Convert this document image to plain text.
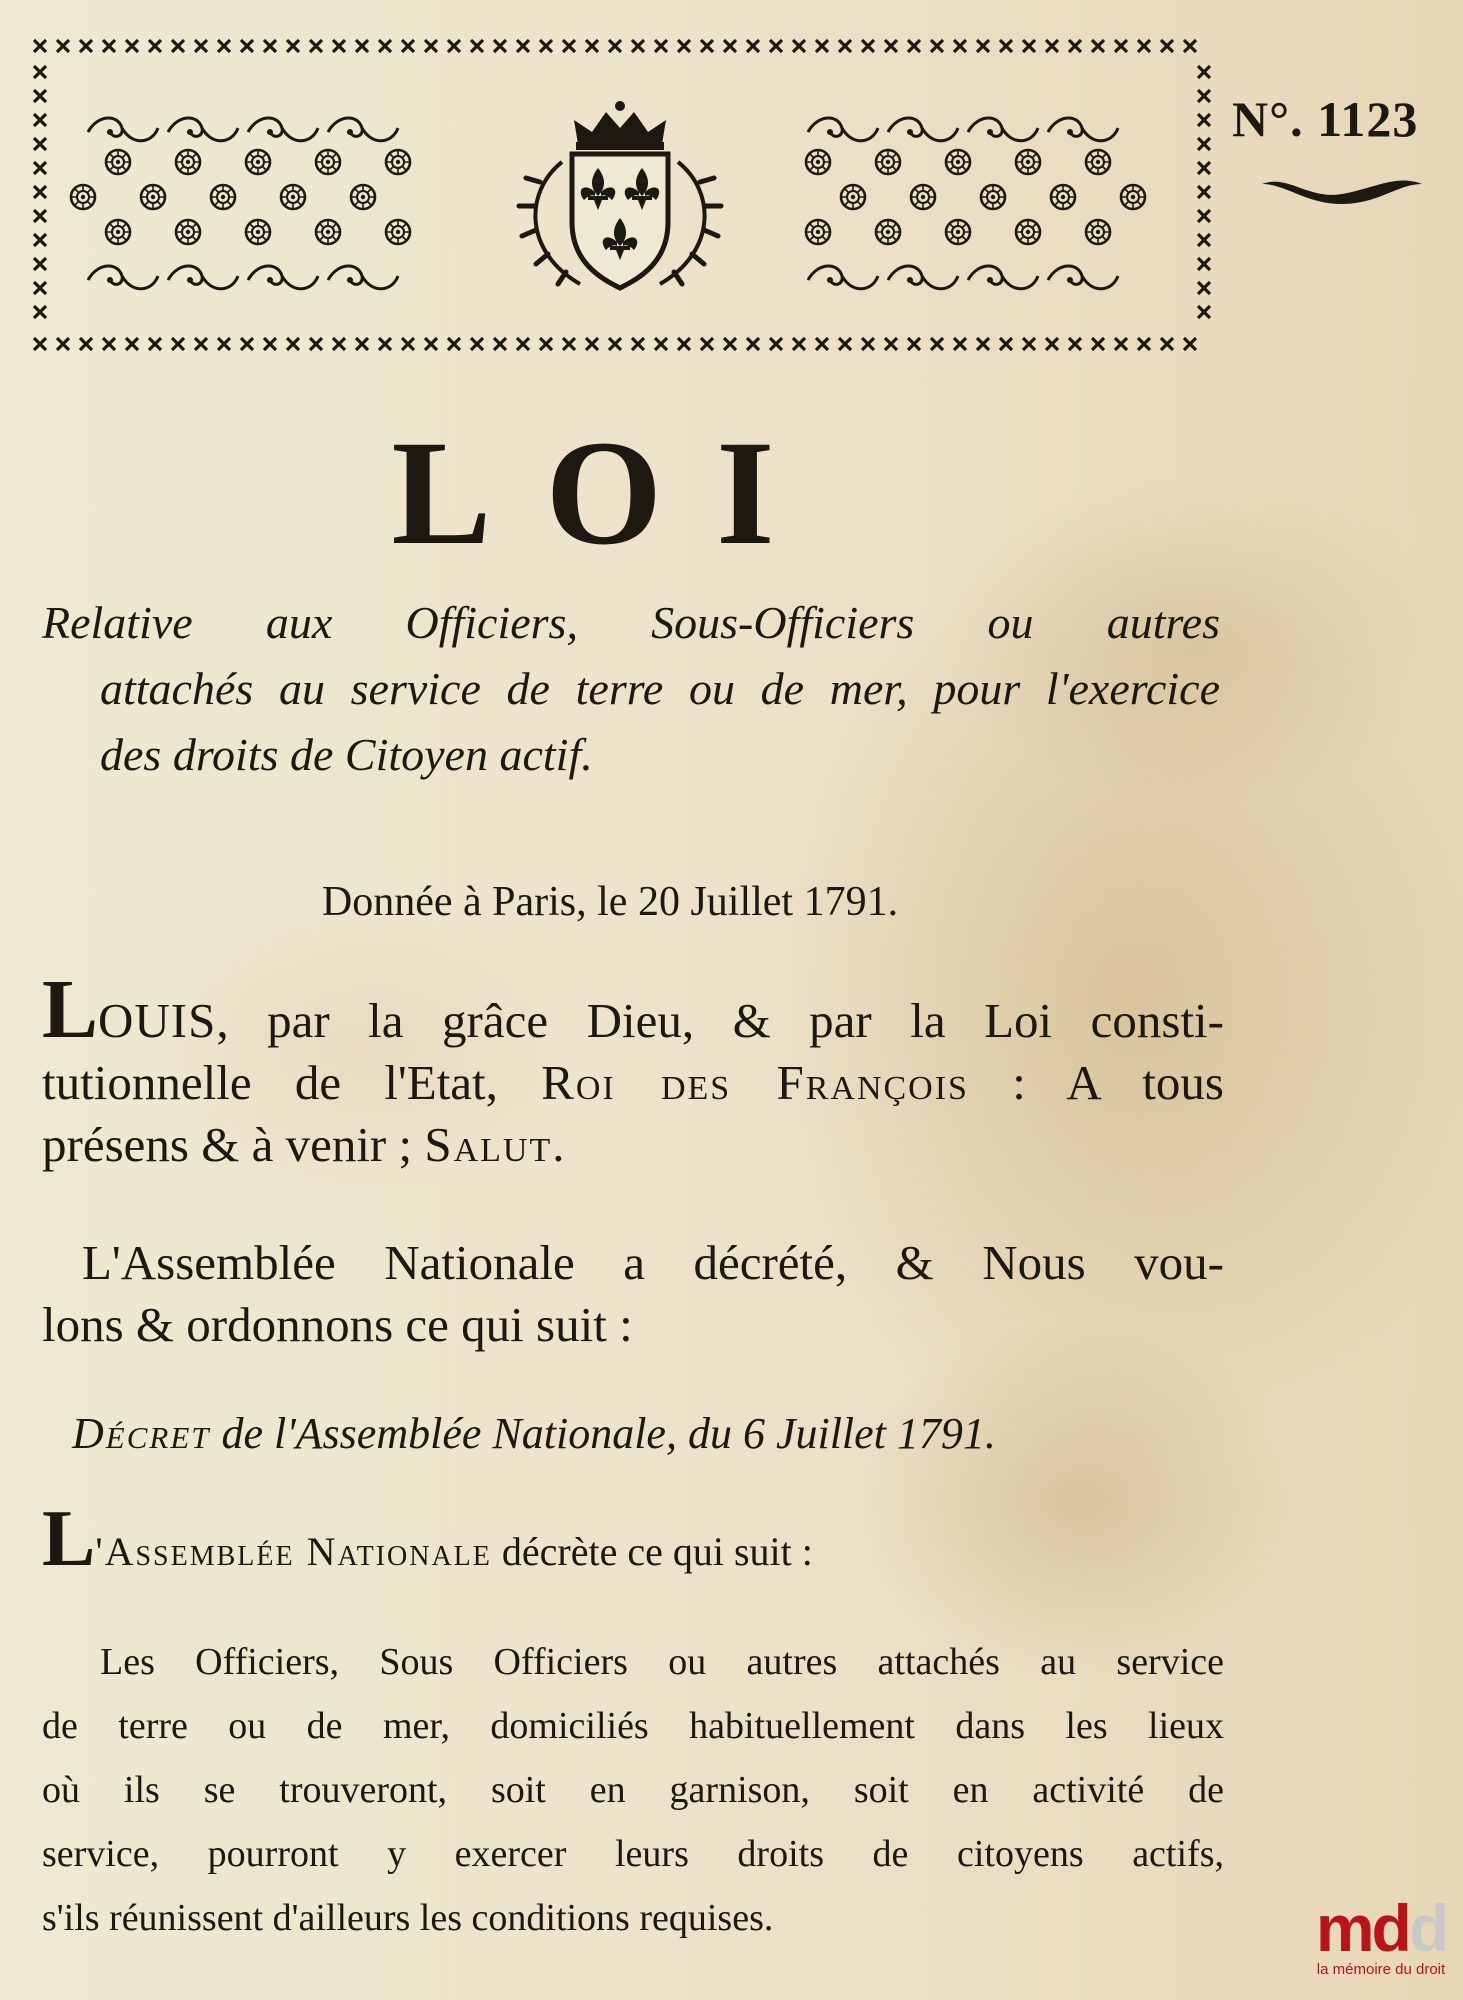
N°. 1123
LOI
Relative aux Officiers, Sous-Officiers ou autres
attachés au service de terre ou de mer, pour l'exercice
des droits de Citoyen actif.
Donnée à Paris, le 20 Juillet 1791.
LOUIS, par la grâce Dieu, & par la Loi consti-
tutionnelle de l'Etat, Roi des François : A tous
présens & à venir ; Salut.
L'Assemblée Nationale a décrété, & Nous vou-
lons & ordonnons ce qui suit :
Décret de l'Assemblée Nationale, du 6 Juillet 1791.
L'Assemblée Nationale décrète ce qui suit :
Les Officiers, Sous Officiers ou autres attachés au service
de terre ou de mer, domiciliés habituellement dans les lieux
où ils se trouveront, soit en garnison, soit en activité de
service, pourront y exercer leurs droits de citoyens actifs,
s'ils réunissent d'ailleurs les conditions requises.	mdd
la mémoire du droit
